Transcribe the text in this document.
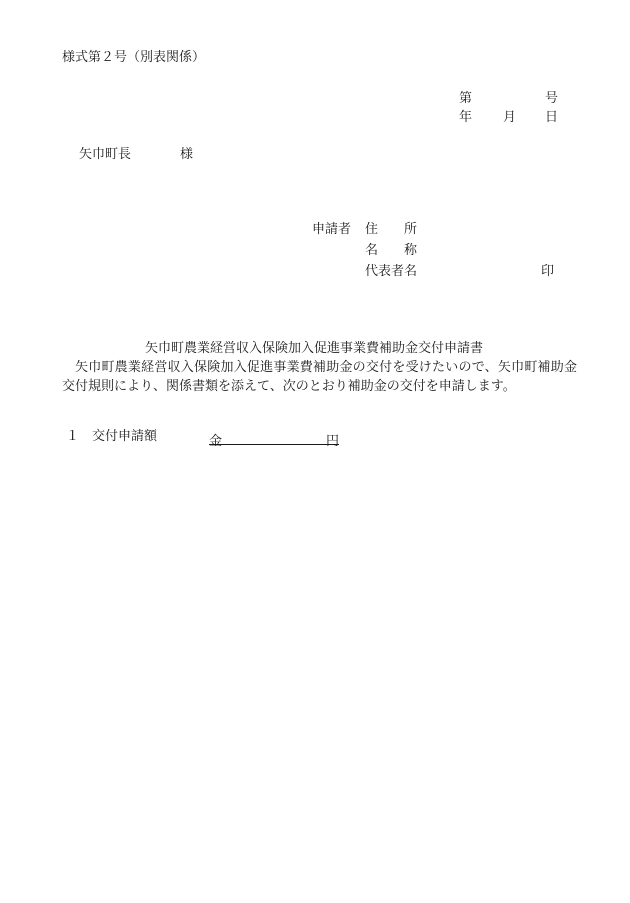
様式第２号（別表関係）
第	号
年 月 日
矢巾町長	様
申請者 住 所
名 称
代表者名	印
矢巾町農業経営収入保険加入促進事業費補助金交付申請書
矢巾町農業経営収入保険加入促進事業費補助金の交付を受けたいので、矢巾町補助金交付規則により、関係書類を添えて、次のとおり補助金の交付を申請します。
１ 交付申請額	金	円
